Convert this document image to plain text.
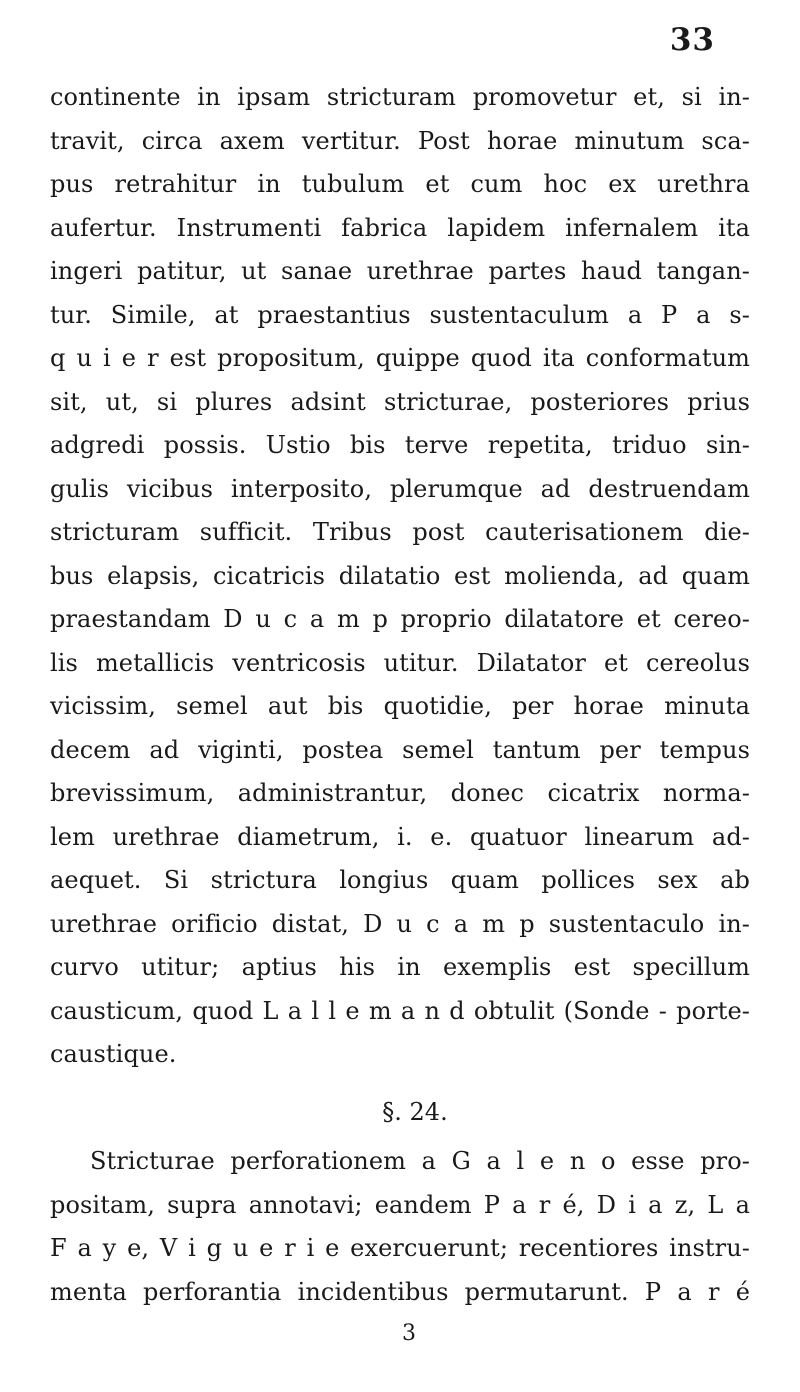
33
continente in ipsam stricturam promovetur et, si in-
travit, circa axem vertitur. Post horae minutum sca-
pus retrahitur in tubulum et cum hoc ex urethra
aufertur. Instrumenti fabrica lapidem infernalem ita
ingeri patitur, ut sanae urethrae partes haud tangan-
tur. Simile, at praestantius sustentaculum a P a s-
q u i e r est propositum, quippe quod ita conformatum
sit, ut, si plures adsint stricturae, posteriores prius
adgredi possis. Ustio bis terve repetita, triduo sin-
gulis vicibus interposito, plerumque ad destruendam
stricturam sufficit. Tribus post cauterisationem die-
bus elapsis, cicatricis dilatatio est molienda, ad quam
praestandam D u c a m p proprio dilatatore et cereo-
lis metallicis ventricosis utitur. Dilatator et cereolus
vicissim, semel aut bis quotidie, per horae minuta
decem ad viginti, postea semel tantum per tempus
brevissimum, administrantur, donec cicatrix norma-
lem urethrae diametrum, i. e. quatuor linearum ad-
aequet. Si strictura longius quam pollices sex ab
urethrae orificio distat, D u c a m p sustentaculo in-
curvo utitur; aptius his in exemplis est specillum
causticum, quod L a l l e m a n d obtulit (Sonde - porte-
caustique.
§. 24.
Stricturae perforationem a G a l e n o esse pro-
positam, supra annotavi; eandem P a r é, D i a z, L a
F a y e, V i g u e r i e exercuerunt; recentiores instru-
menta perforantia incidentibus permutarunt. P a r é
3
